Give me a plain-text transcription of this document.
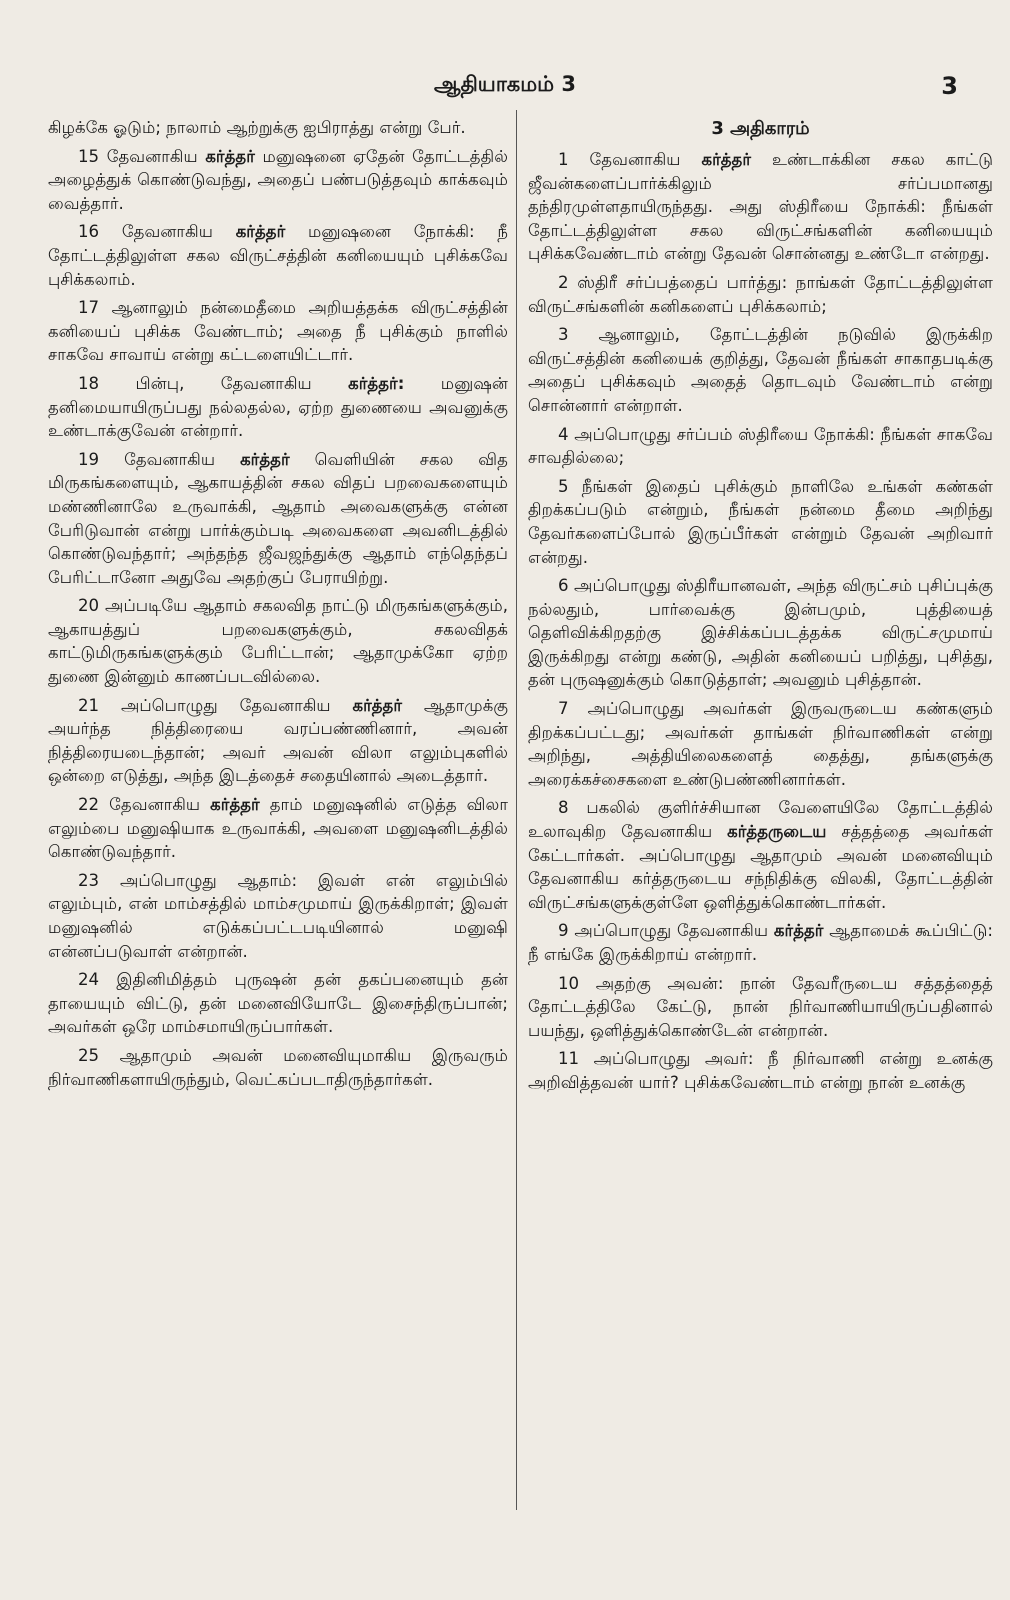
ஆதியாகமம் 3	3

கிழக்கே ஓடும்; நாலாம் ஆற்றுக்கு ஐபிராத்து என்று பேர்.

15 தேவனாகிய கர்த்தர் மனுஷனை ஏதேன் தோட்டத்தில் அழைத்துக் கொண்டுவந்து, அதைப் பண்படுத்தவும் காக்கவும் வைத்தார்.

16 தேவனாகிய கர்த்தர் மனுஷனை நோக்கி: நீ தோட்டத்திலுள்ள சகல விருட்சத்தின் கனியையும் புசிக்கவே புசிக்கலாம்.

17 ஆனாலும் நன்மைதீமை அறியத்தக்க விருட்சத்தின் கனியைப் புசிக்க வேண்டாம்; அதை நீ புசிக்கும் நாளில் சாகவே சாவாய் என்று கட்டளையிட்டார்.

18 பின்பு, தேவனாகிய கர்த்தர்: மனுஷன் தனிமையாயிருப்பது நல்லதல்ல, ஏற்ற துணையை அவனுக்கு உண்டாக்குவேன் என்றார்.

19 தேவனாகிய கர்த்தர் வெளியின் சகல வித மிருகங்களையும், ஆகாயத்தின் சகல விதப் பறவைகளையும் மண்ணினாலே உருவாக்கி, ஆதாம் அவைகளுக்கு என்ன பேரிடுவான் என்று பார்க்கும்படி அவைகளை அவனிடத்தில் கொண்டுவந்தார்; அந்தந்த ஜீவஜந்துக்கு ஆதாம் எந்தெந்தப் பேரிட்டானோ அதுவே அதற்குப் பேராயிற்று.

20 அப்படியே ஆதாம் சகலவித நாட்டு மிருகங்களுக்கும், ஆகாயத்துப் பறவைகளுக்கும், சகலவிதக் காட்டுமிருகங்களுக்கும் பேரிட்டான்; ஆதாமுக்கோ ஏற்ற துணை இன்னும் காணப்படவில்லை.

21 அப்பொழுது தேவனாகிய கர்த்தர் ஆதாமுக்கு அயர்ந்த நித்திரையை வரப்பண்ணினார், அவன் நித்திரையடைந்தான்; அவர் அவன் விலா எலும்புகளில் ஒன்றை எடுத்து, அந்த இடத்தைச் சதையினால் அடைத்தார்.

22 தேவனாகிய கர்த்தர் தாம் மனுஷனில் எடுத்த விலா எலும்பை மனுஷியாக உருவாக்கி, அவளை மனுஷனிடத்தில் கொண்டுவந்தார்.

23 அப்பொழுது ஆதாம்: இவள் என் எலும்பில் எலும்பும், என் மாம்சத்தில் மாம்சமுமாய் இருக்கிறாள்; இவள் மனுஷனில் எடுக்கப்பட்டபடியினால் மனுஷி என்னப்படுவாள் என்றான்.

24 இதினிமித்தம் புருஷன் தன் தகப்பனையும் தன் தாயையும் விட்டு, தன் மனைவியோடே இசைந்திருப்பான்; அவர்கள் ஒரே மாம்சமாயிருப்பார்கள்.

25 ஆதாமும் அவன் மனைவியுமாகிய இருவரும் நிர்வாணிகளாயிருந்தும், வெட்கப்படாதிருந்தார்கள்.

3 அதிகாரம்

1 தேவனாகிய கர்த்தர் உண்டாக்கின சகல காட்டு ஜீவன்களைப்பார்க்கிலும் சர்ப்பமானது தந்திரமுள்ளதாயிருந்தது. அது ஸ்திரீயை நோக்கி: நீங்கள் தோட்டத்திலுள்ள சகல விருட்சங்களின் கனியையும் புசிக்கவேண்டாம் என்று தேவன் சொன்னது உண்டோ என்றது.

2 ஸ்திரீ சர்ப்பத்தைப் பார்த்து: நாங்கள் தோட்டத்திலுள்ள விருட்சங்களின் கனிகளைப் புசிக்கலாம்;

3 ஆனாலும், தோட்டத்தின் நடுவில் இருக்கிற விருட்சத்தின் கனியைக் குறித்து, தேவன் நீங்கள் சாகாதபடிக்கு அதைப் புசிக்கவும் அதைத் தொடவும் வேண்டாம் என்று சொன்னார் என்றாள்.

4 அப்பொழுது சர்ப்பம் ஸ்திரீயை நோக்கி: நீங்கள் சாகவே சாவதில்லை;

5 நீங்கள் இதைப் புசிக்கும் நாளிலே உங்கள் கண்கள் திறக்கப்படும் என்றும், நீங்கள் நன்மை தீமை அறிந்து தேவர்களைப்போல் இருப்பீர்கள் என்றும் தேவன் அறிவார் என்றது.

6 அப்பொழுது ஸ்திரீயானவள், அந்த விருட்சம் புசிப்புக்கு நல்லதும், பார்வைக்கு இன்பமும், புத்தியைத் தெளிவிக்கிறதற்கு இச்சிக்கப்படத்தக்க விருட்சமுமாய் இருக்கிறது என்று கண்டு, அதின் கனியைப் பறித்து, புசித்து, தன் புருஷனுக்கும் கொடுத்தாள்; அவனும் புசித்தான்.

7 அப்பொழுது அவர்கள் இருவருடைய கண்களும் திறக்கப்பட்டது; அவர்கள் தாங்கள் நிர்வாணிகள் என்று அறிந்து, அத்தியிலைகளைத் தைத்து, தங்களுக்கு அரைக்கச்சைகளை உண்டுபண்ணினார்கள்.

8 பகலில் குளிர்ச்சியான வேளையிலே தோட்டத்தில் உலாவுகிற தேவனாகிய கர்த்தருடைய சத்தத்தை அவர்கள் கேட்டார்கள். அப்பொழுது ஆதாமும் அவன் மனைவியும் தேவனாகிய கர்த்தருடைய சந்நிதிக்கு விலகி, தோட்டத்தின் விருட்சங்களுக்குள்ளே ஒளித்துக்கொண்டார்கள்.

9 அப்பொழுது தேவனாகிய கர்த்தர் ஆதாமைக் கூப்பிட்டு: நீ எங்கே இருக்கிறாய் என்றார்.

10 அதற்கு அவன்: நான் தேவரீருடைய சத்தத்தைத் தோட்டத்திலே கேட்டு, நான் நிர்வாணியாயிருப்பதினால் பயந்து, ஒளித்துக்கொண்டேன் என்றான்.

11 அப்பொழுது அவர்: நீ நிர்வாணி என்று உனக்கு அறிவித்தவன் யார்? புசிக்கவேண்டாம் என்று நான் உனக்கு
